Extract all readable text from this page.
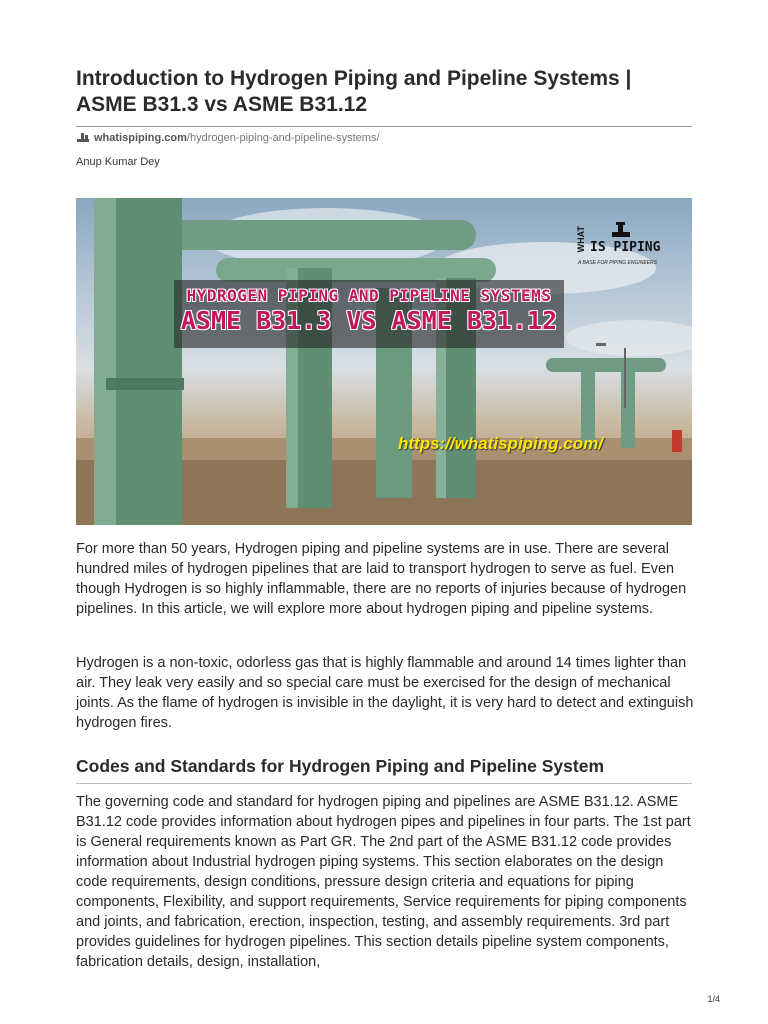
Introduction to Hydrogen Piping and Pipeline Systems | ASME B31.3 vs ASME B31.12
whatispiping.com/hydrogen-piping-and-pipeline-systems/
Anup Kumar Dey
WHAT IS PIPING
A BASE FOR PIPING ENGINEERS
HYDROGEN PIPING AND PIPELINE SYSTEMS
ASME B31.3 VS ASME B31.12
https://whatispiping.com/

For more than 50 years, Hydrogen piping and pipeline systems are in use. There are several hundred miles of hydrogen pipelines that are laid to transport hydrogen to serve as fuel. Even though Hydrogen is so highly inflammable, there are no reports of injuries because of hydrogen pipelines. In this article, we will explore more about hydrogen piping and pipeline systems.

Hydrogen is a non-toxic, odorless gas that is highly flammable and around 14 times lighter than air. They leak very easily and so special care must be exercised for the design of mechanical joints. As the flame of hydrogen is invisible in the daylight, it is very hard to detect and extinguish hydrogen fires.

Codes and Standards for Hydrogen Piping and Pipeline System

The governing code and standard for hydrogen piping and pipelines are ASME B31.12. ASME B31.12 code provides information about hydrogen pipes and pipelines in four parts. The 1st part is General requirements known as Part GR. The 2nd part of the ASME B31.12 code provides information about Industrial hydrogen piping systems. This section elaborates on the design code requirements, design conditions, pressure design criteria and equations for piping components, Flexibility, and support requirements, Service requirements for piping components and joints, and fabrication, erection, inspection, testing, and assembly requirements. 3rd part provides guidelines for hydrogen pipelines. This section details pipeline system components, fabrication details, design, installation,

1/4
